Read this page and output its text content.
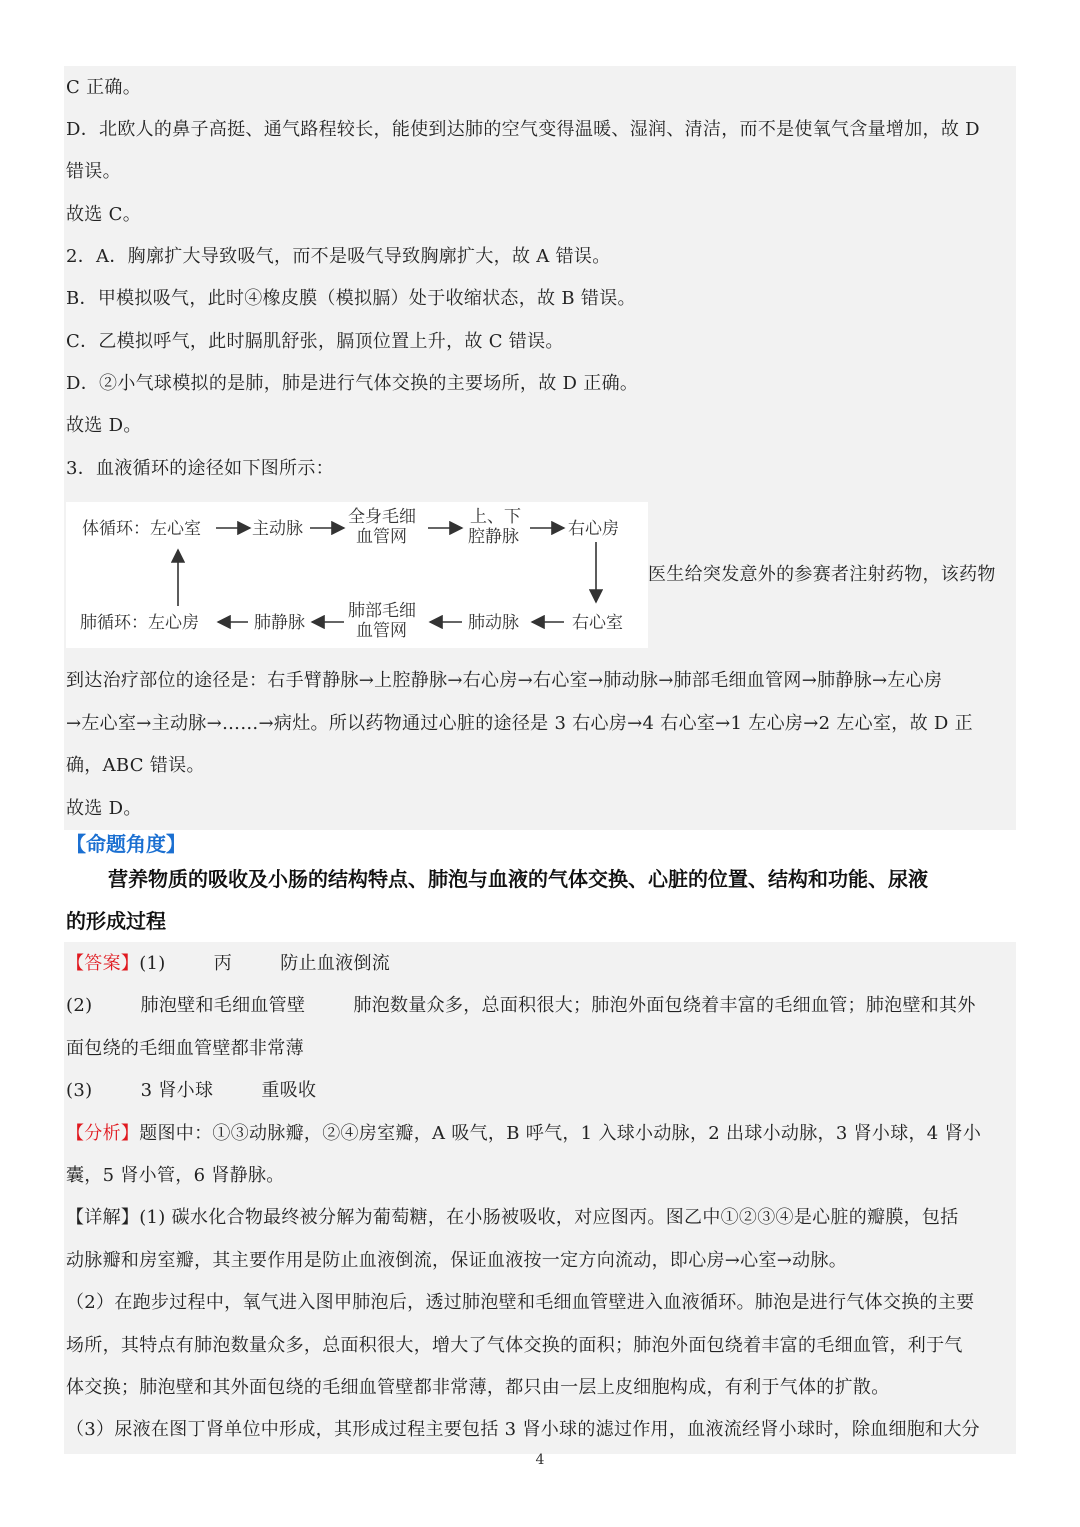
C 正确。
D．北欧人的鼻子高挺、通气路程较长，能使到达肺的空气变得温暖、湿润、清洁，而不是使氧气含量增加，故 D
错误。
故选 C。
2．A．胸廓扩大导致吸气，而不是吸气导致胸廓扩大，故 A 错误。
B．甲模拟吸气，此时④橡皮膜（模拟膈）处于收缩状态，故 B 错误。
C．乙模拟呼气，此时膈肌舒张，膈顶位置上升，故 C 错误。
D．②小气球模拟的是肺，肺是进行气体交换的主要场所，故 D 正确。
故选 D。
3．血液循环的途径如下图所示：
到达治疗部位的途径是：右手臂静脉→上腔静脉→右心房→右心室→肺动脉→肺部毛细血管网→肺静脉→左心房
→左心室→主动脉→……→病灶。所以药物通过心脏的途径是 3 右心房→4 右心室→1 左心房→2 左心室，故 D 正
确，ABC 错误。
故选 D。
医生给突发意外的参赛者注射药物，该药物
体循环：左心室	主动脉
全身毛细
血管网
上、下
腔静脉	右心房
肺循环：左心房	肺静脉
肺部毛细
血管网	肺动脉	右心室
【命题角度】
营养物质的吸收及小肠的结构特点、肺泡与血液的气体交换、心脏的位置、结构和功能、尿液
的形成过程
【答案】(1)        丙        防止血液倒流
(2)        肺泡壁和毛细血管壁        肺泡数量众多，总面积很大；肺泡外面包绕着丰富的毛细血管；肺泡壁和其外
面包绕的毛细血管壁都非常薄
(3)        3 肾小球        重吸收
【分析】题图中：①③动脉瓣，②④房室瓣，A 吸气，B 呼气，1 入球小动脉，2 出球小动脉，3 肾小球，4 肾小
囊，5 肾小管，6 肾静脉。
【详解】(1) 碳水化合物最终被分解为葡萄糖，在小肠被吸收，对应图丙。图乙中①②③④是心脏的瓣膜，包括
动脉瓣和房室瓣，其主要作用是防止血液倒流，保证血液按一定方向流动，即心房→心室→动脉。
（2）在跑步过程中，氧气进入图甲肺泡后，透过肺泡壁和毛细血管壁进入血液循环。肺泡是进行气体交换的主要
场所，其特点有肺泡数量众多，总面积很大，增大了气体交换的面积；肺泡外面包绕着丰富的毛细血管，利于气
体交换；肺泡壁和其外面包绕的毛细血管壁都非常薄，都只由一层上皮细胞构成，有利于气体的扩散。
（3）尿液在图丁肾单位中形成，其形成过程主要包括 3 肾小球的滤过作用，血液流经肾小球时，除血细胞和大分
4
